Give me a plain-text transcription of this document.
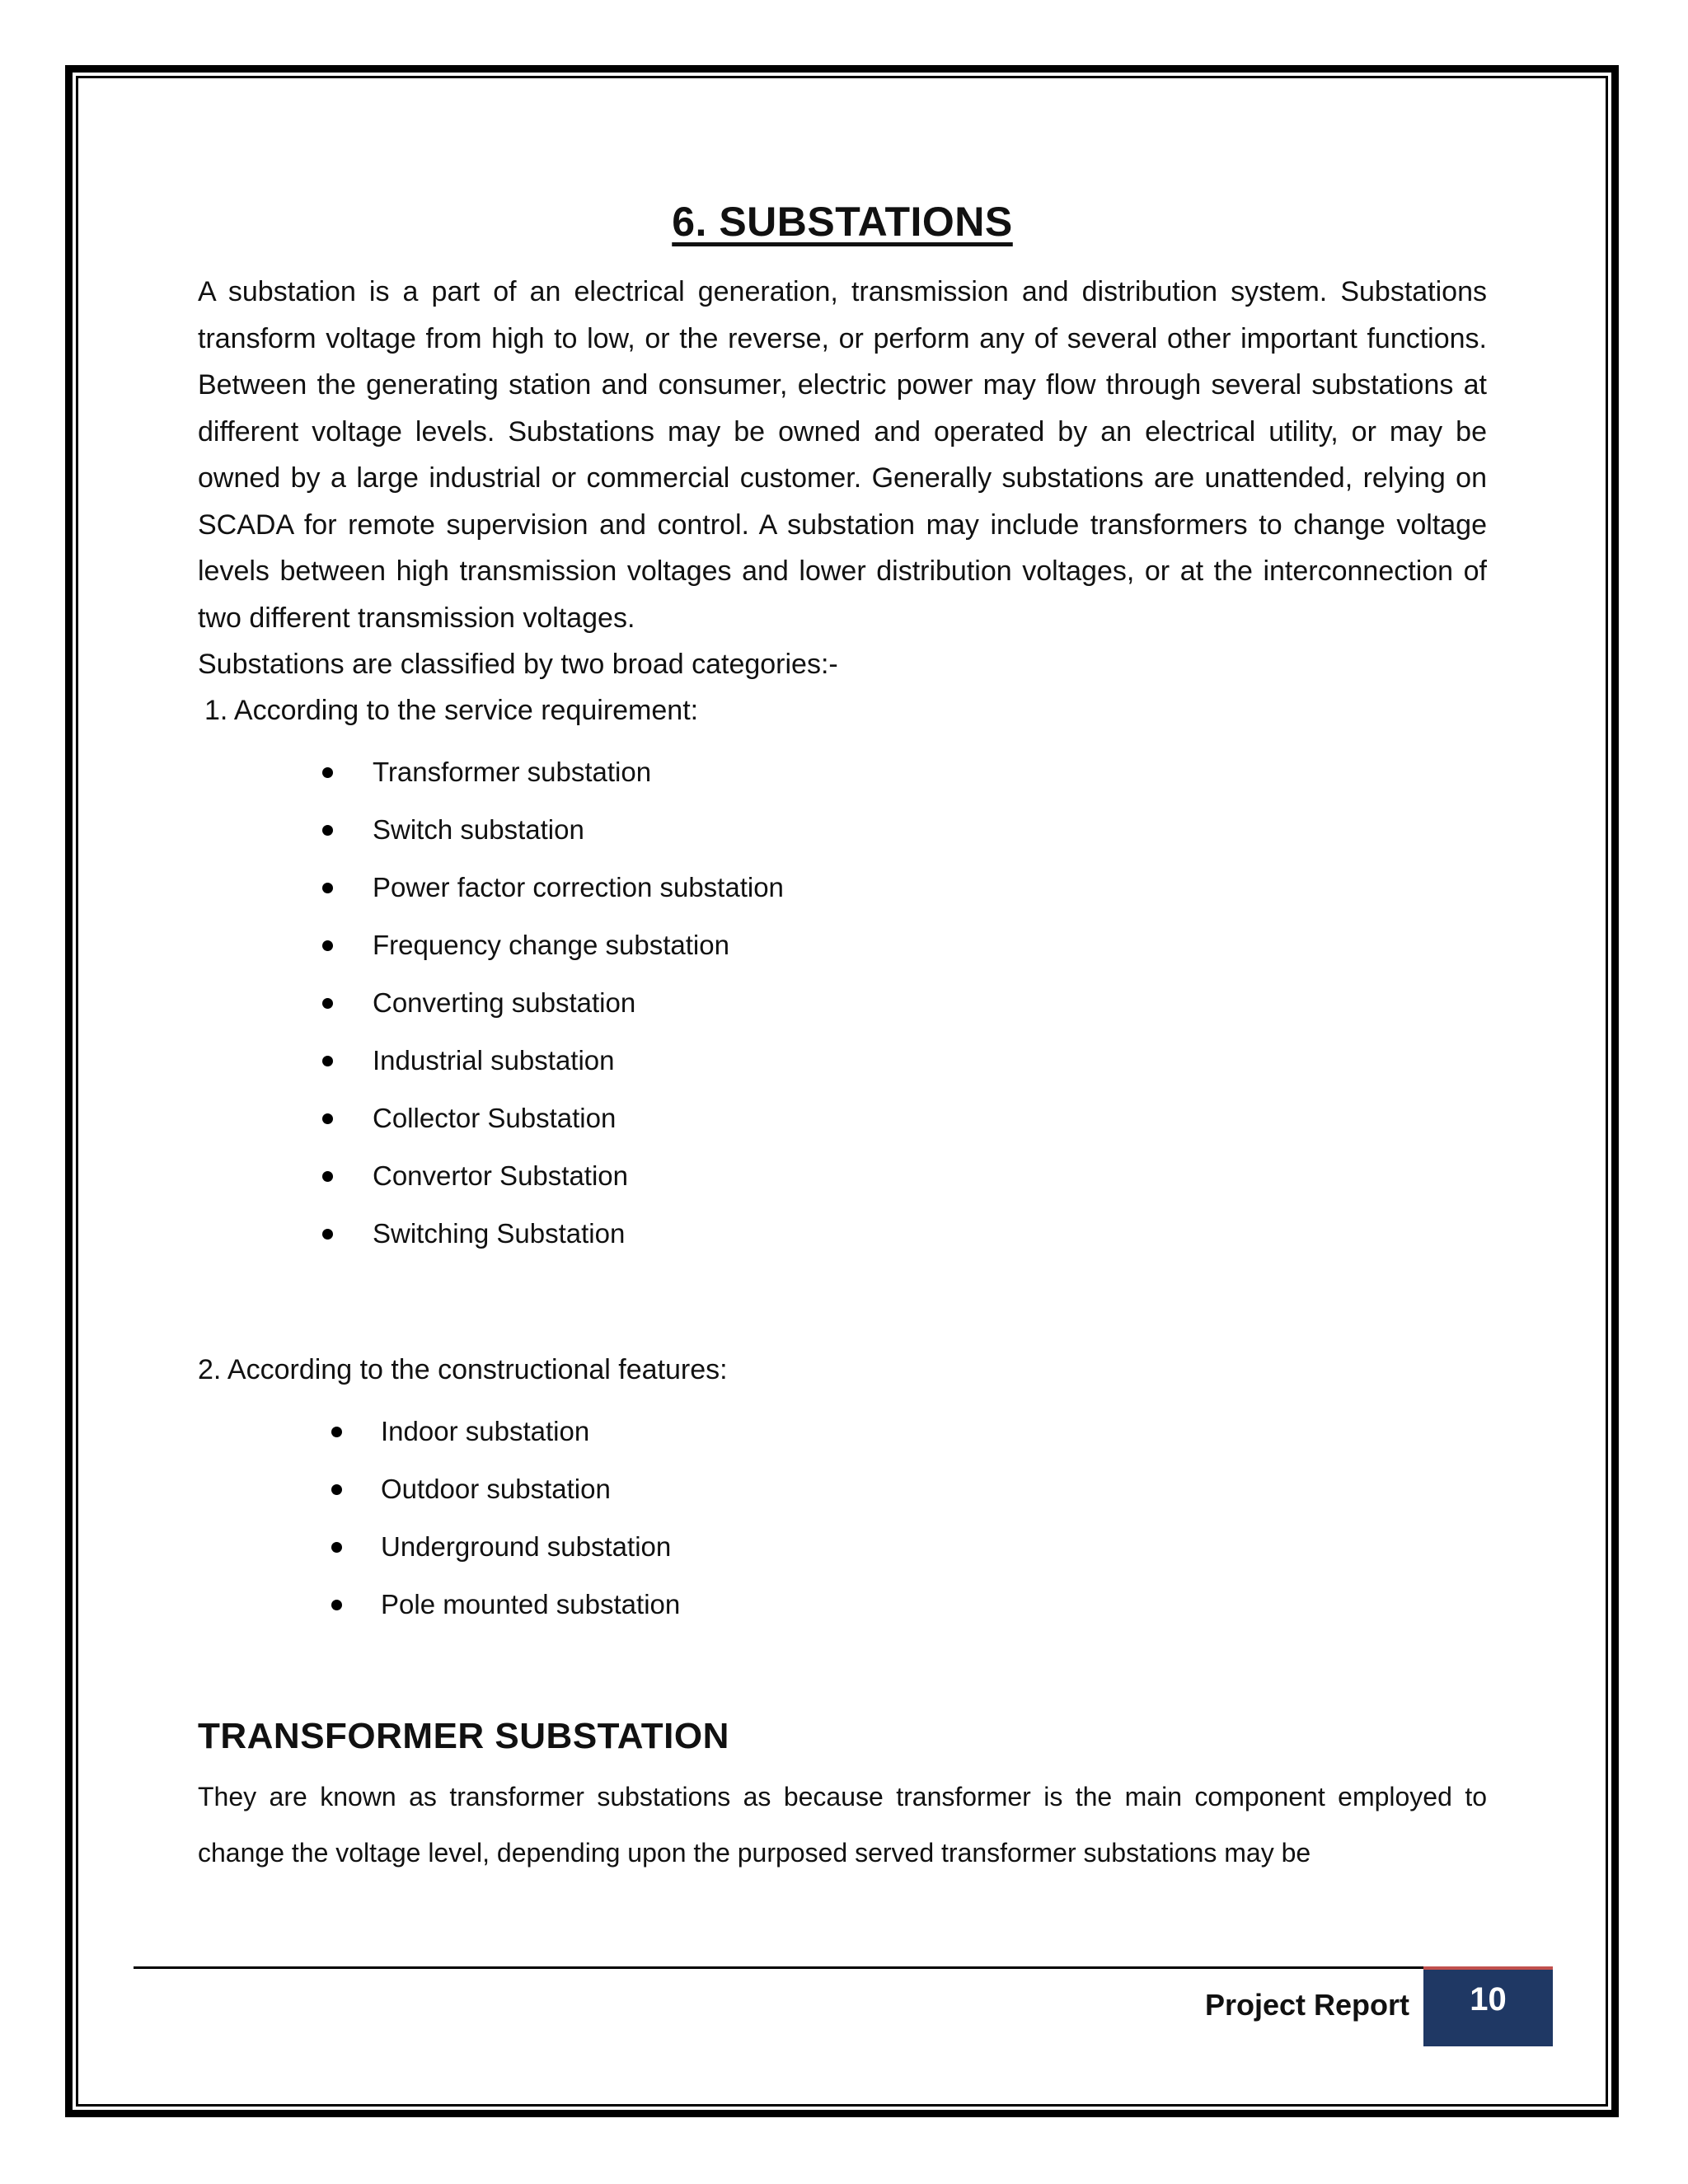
6. SUBSTATIONS

A substation is a part of an electrical generation, transmission and distribution system. Substations transform voltage from high to low, or the reverse, or perform any of several other important functions. Between the generating station and consumer, electric power may flow through several substations at different voltage levels. Substations may be owned and operated by an electrical utility, or may be owned by a large industrial or commercial customer. Generally substations are unattended, relying on SCADA for remote supervision and control. A substation may include transformers to change voltage levels between high transmission voltages and lower distribution voltages, or at the interconnection of two different transmission voltages.

Substations are classified by two broad categories:-

1. According to the service requirement:

Transformer substation
Switch substation
Power factor correction substation
Frequency change substation
Converting substation
Industrial substation
Collector Substation
Convertor Substation
Switching Substation

2. According to the constructional features:

Indoor substation
Outdoor substation
Underground substation
Pole mounted substation
TRANSFORMER SUBSTATION

They are known as transformer substations as because transformer is the main component employed to change the voltage level, depending upon the purposed served transformer substations may be

Project Report	10
